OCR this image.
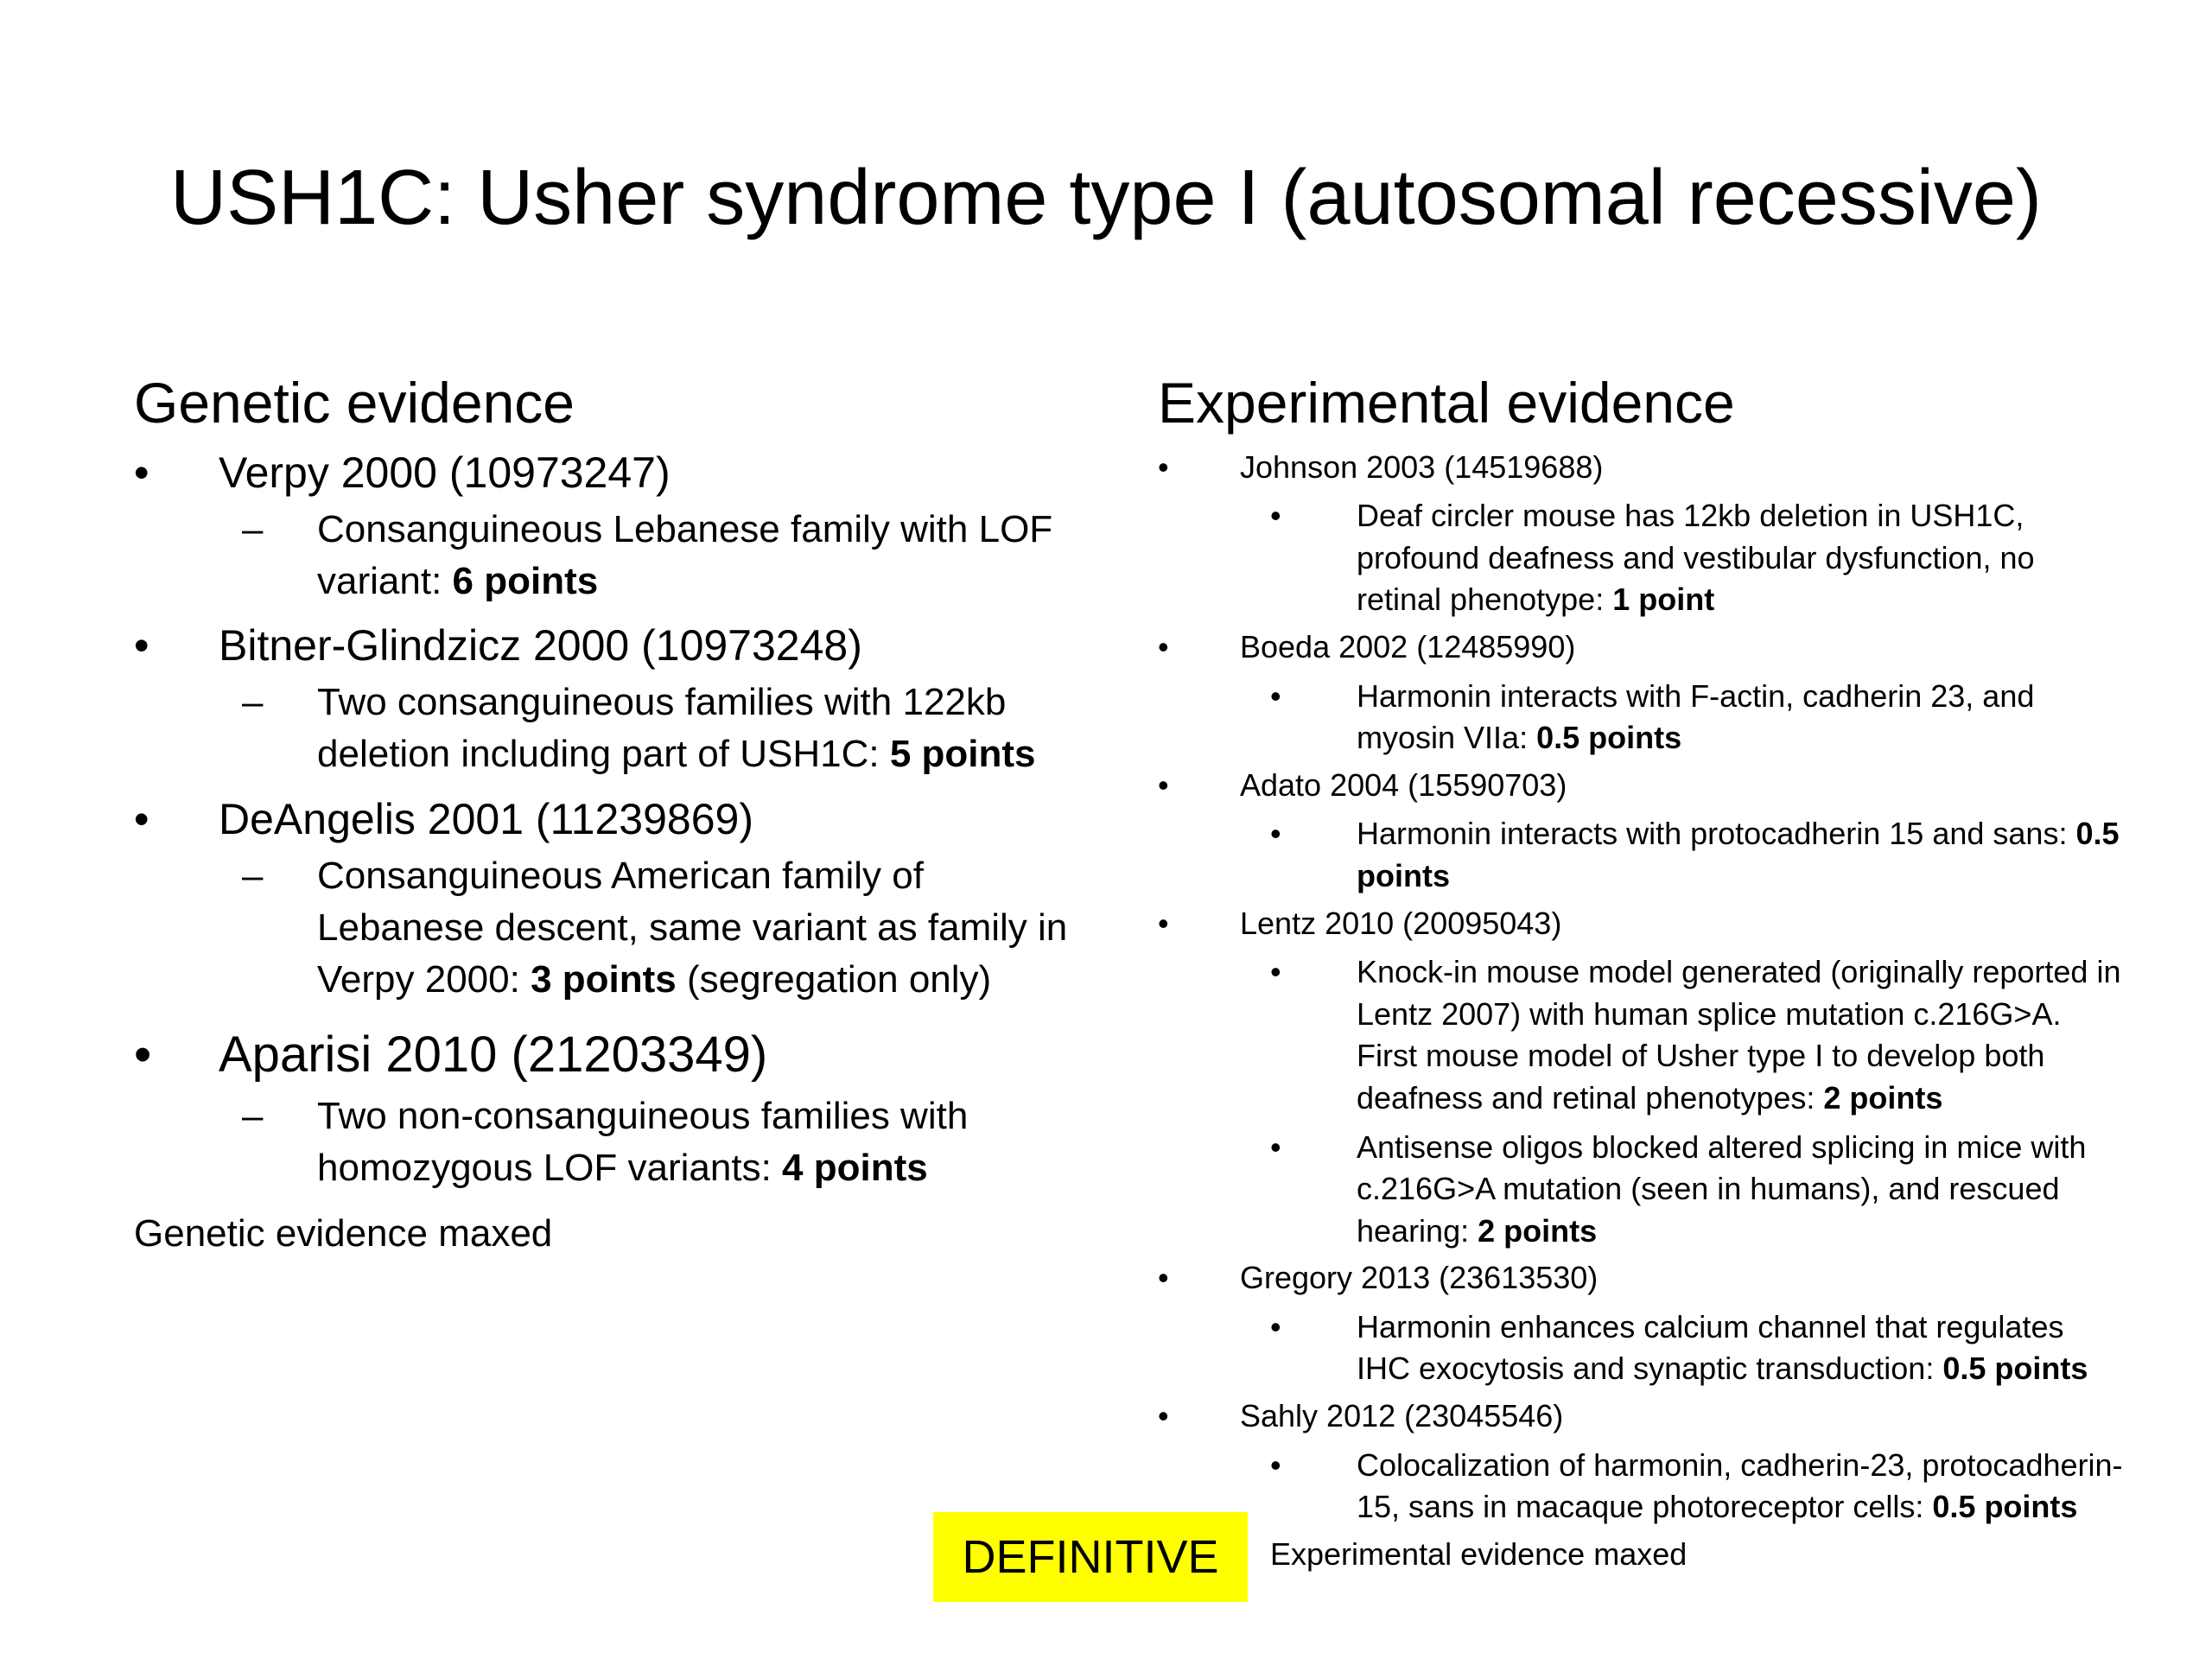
USH1C: Usher syndrome type I (autosomal recessive)
Genetic evidence
• Verpy 2000 (10973247)
– Consanguineous Lebanese family with LOF variant: 6 points
• Bitner-Glindzicz 2000 (10973248)
– Two consanguineous families with 122kb deletion including part of USH1C: 5 points
• DeAngelis 2001 (11239869)
– Consanguineous American family of Lebanese descent, same variant as family in Verpy 2000: 3 points (segregation only)
• Aparisi 2010 (21203349)
– Two non-consanguineous families with homozygous LOF variants: 4 points
Genetic evidence maxed
Experimental evidence
• Johnson 2003 (14519688)
• Deaf circler mouse has 12kb deletion in USH1C, profound deafness and vestibular dysfunction, no retinal phenotype: 1 point
• Boeda 2002 (12485990)
• Harmonin interacts with F-actin, cadherin 23, and myosin VIIa: 0.5 points
• Adato 2004 (15590703)
• Harmonin interacts with protocadherin 15 and sans: 0.5 points
• Lentz 2010 (20095043)
• Knock-in mouse model generated (originally reported in Lentz 2007) with human splice mutation c.216G>A. First mouse model of Usher type I to develop both deafness and retinal phenotypes: 2 points
• Antisense oligos blocked altered splicing in mice with c.216G>A mutation (seen in humans), and rescued hearing: 2 points
• Gregory 2013 (23613530)
• Harmonin enhances calcium channel that regulates IHC exocytosis and synaptic transduction: 0.5 points
• Sahly 2012 (23045546)
• Colocalization of harmonin, cadherin-23, protocadherin-15, sans in macaque photoreceptor cells: 0.5 points
Experimental evidence maxed
DEFINITIVE
